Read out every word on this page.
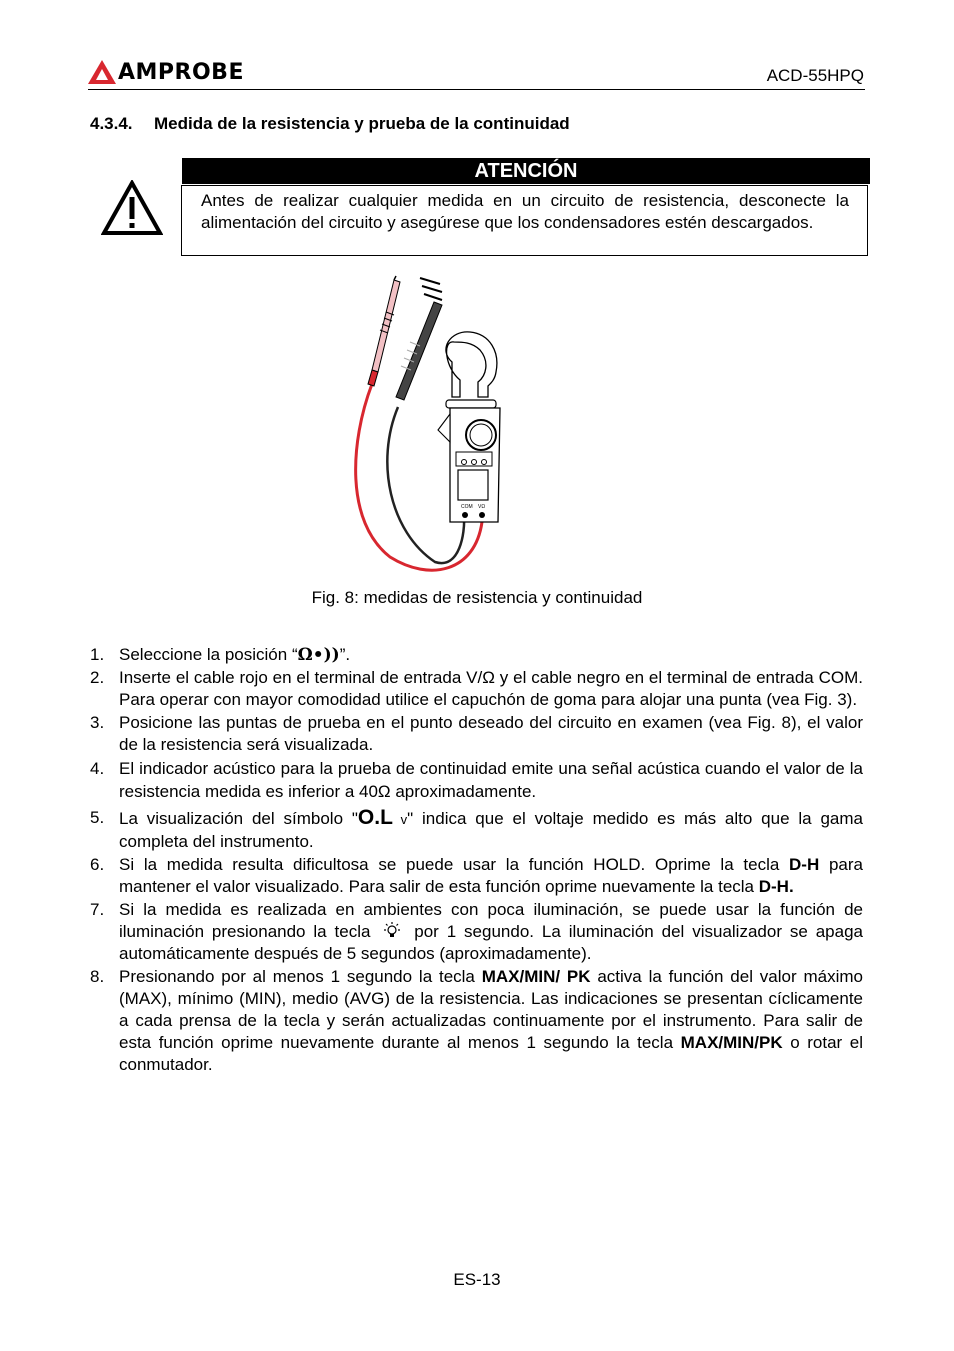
AMPROBE	ACD-55HPQ
4.3.4. Medida de la resistencia y prueba de la continuidad
ATENCIÓN
Antes de realizar cualquier medida en un circuito de resistencia, desconecte la alimentación del circuito y asegúrese que los condensadores estén descargados.
COM VΩ
Fig. 8: medidas de resistencia y continuidad
1. Seleccione la posición “Ω•))”.
2. Inserte el cable rojo en el terminal de entrada V/Ω y el cable negro en el terminal de entrada COM. Para operar con mayor comodidad utilice el capuchón de goma para alojar una punta (vea Fig. 3).
3. Posicione las puntas de prueba en el punto deseado del circuito en examen (vea Fig. 8), el valor de la resistencia será visualizada.
4. El indicador acústico para la prueba de continuidad emite una señal acústica cuando el valor de la resistencia medida es inferior a 40Ω aproximadamente.
5. La visualización del símbolo "O.L v" indica que el voltaje medido es más alto que la gama completa del instrumento.
6. Si la medida resulta dificultosa se puede usar la función HOLD. Oprime la tecla D-H para mantener el valor visualizado. Para salir de esta función oprime nuevamente la tecla D-H.
7. Si la medida es realizada en ambientes con poca iluminación, se puede usar la función de iluminación presionando la tecla  por 1 segundo. La iluminación del visualizador se apaga automáticamente después de 5 segundos (aproximadamente).
8. Presionando por al menos 1 segundo la tecla MAX/MIN/ PK activa la función del valor máximo (MAX), mínimo (MIN), medio (AVG) de la resistencia. Las indicaciones se presentan cíclicamente a cada prensa de la tecla y serán actualizadas continuamente por el instrumento. Para salir de esta función oprime nuevamente durante al menos 1 segundo la tecla MAX/MIN/PK o rotar el conmutador.
ES-13
